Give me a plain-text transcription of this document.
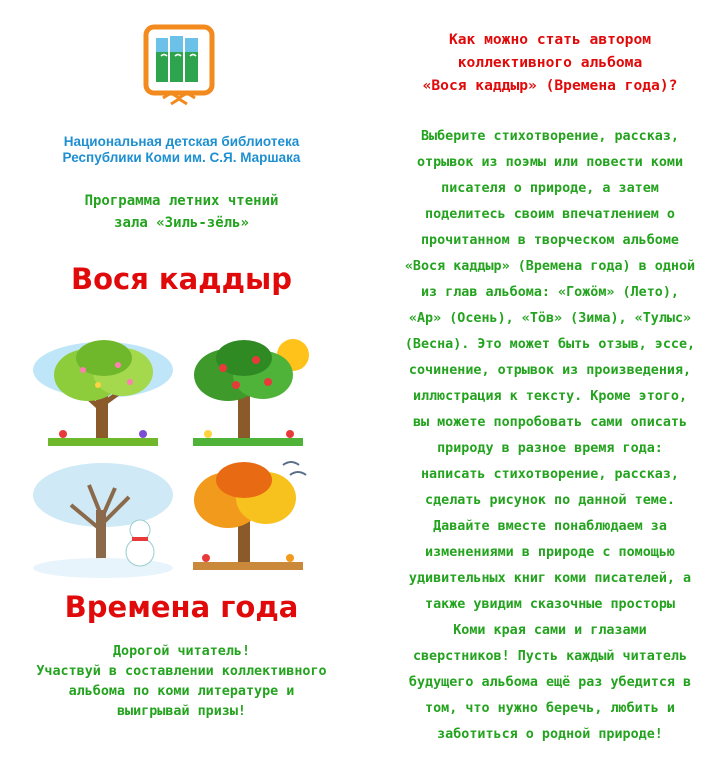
Национальная детская библиотека
Республики Коми им. С.Я. Маршака
Программа летних чтений
зала «Зиль-зёль»
Вося каддыр
Времена года
Дорогой читатель!
Участвуй в составлении коллективного
альбома по коми литературе и
выигрывай призы!
Как можно стать автором
коллективного альбома
«Вося каддыр» (Времена года)?
Выберите стихотворение, рассказ,
отрывок из поэмы или повести коми
писателя о природе, а затем
поделитесь своим впечатлением о
прочитанном в творческом альбоме
«Вося каддыр» (Времена года) в одной
из глав альбома: «Гожӧм» (Лето),
«Ар» (Осень), «Тӧв» (Зима), «Тулыс»
(Весна). Это может быть отзыв, эссе,
сочинение, отрывок из произведения,
иллюстрация к тексту. Кроме этого,
вы можете попробовать сами описать
природу в разное время года:
написать стихотворение, рассказ,
сделать рисунок по данной теме.
Давайте вместе понаблюдаем за
изменениями в природе с помощью
удивительных книг коми писателей, а
также увидим сказочные просторы
Коми края сами и глазами
сверстников! Пусть каждый читатель
будущего альбома ещё раз убедится в
том, что нужно беречь, любить и
заботиться о родной природе!
